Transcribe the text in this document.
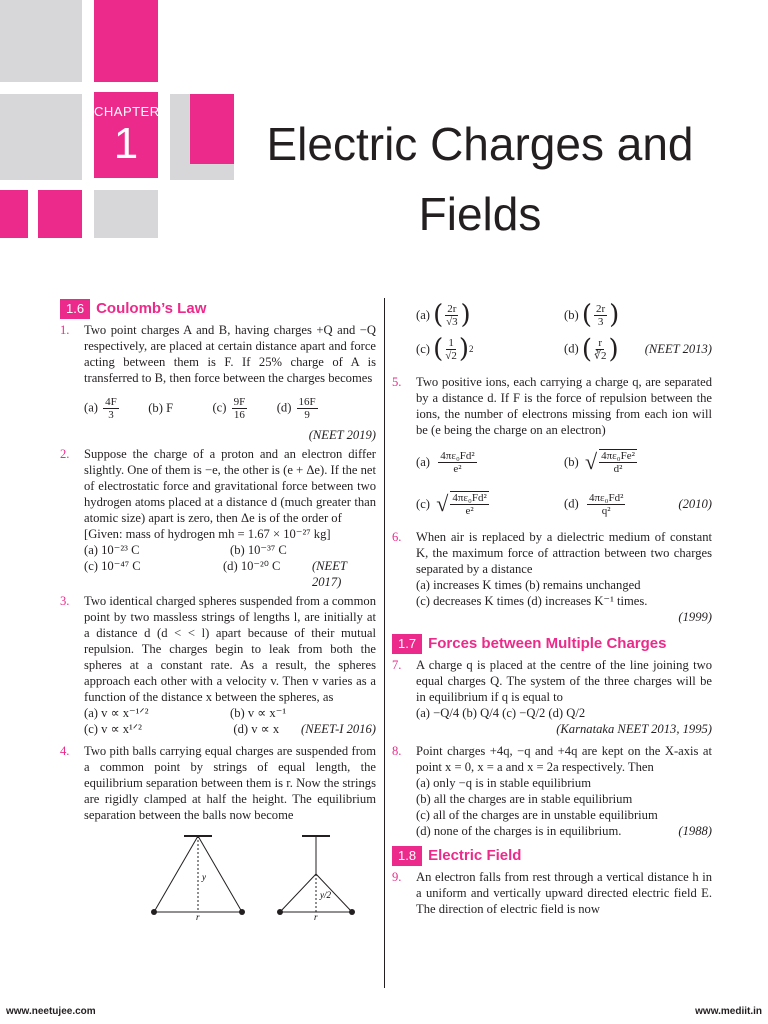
CHAPTER
1	Electric Charges and
Fields
1.6 Coulomb’s Law
1.	Two point charges A and B, having charges +Q and −Q respectively, are placed at certain distance apart and force acting between them is F. If 25% charge of A is transferred to B, then force between the charges becomes
$(a) \frac{4F}{3} (b)$ F	$(c) \frac{9F}{16} (d) \frac{16F}{9}$
(NEET 2019)
2.	Suppose the charge of a proton and an electron differ slightly. One of them is −e, the other is (e + Δe). If the net of electrostatic force and gravitational force between two hydrogen atoms placed at a distance d (much greater than atomic size) apart is zero, then Δe is of the order of
[Given: mass of hydrogen mh = 1.67 × 10⁻²⁷ kg]
(a) 10⁻²³ C	(b) 10⁻³⁷ C
(c) 10⁻⁴⁷ C	(d) 10⁻²⁰ C	(NEET 2017)
3.	Two identical charged spheres suspended from a common point by two massless strings of lengths l, are initially at a distance d (d < < l) apart because of their mutual repulsion. The charges begin to leak from both the spheres at a constant rate. As a result, the spheres approach each other with a velocity v. Then v varies as a function of the distance x between the spheres, as
(a) v ∝ x⁻¹ᐟ²	(b) v ∝ x⁻¹
(c) v ∝ x¹ᐟ²	(d) v ∝ x	(NEET-I 2016)
4.	Two pith balls carrying equal charges are suspended from a common point by strings of equal length, the equilibrium separation between them is r. Now the strings are rigidly clamped at half the height. The equilibrium separation between the balls now become
y
r
y/2
r
(a)
( $\frac{2r}{√3}$ )	(b)
( $\frac{2r}{3}$ )
(c)
( $\frac{1}{√2}$ ) 2	(d) ( $\frac{r}{∛2}$ ) (NEET 2013)
5.	Two positive ions, each carrying a charge q, are separated by a distance d. If F is the force of repulsion between the ions, the number of electrons missing from each ion will be (e being the charge on an electron)
(a)
$\frac{\text{4πε₀Fd²}}{\text{e²}}$	(b)
√ $\frac{\text{4πε₀Fe²}}{\text{d²}}$
(c)
√ $\frac{\text{4πε₀Fd²}}{\text{e²}}$	$(d) \frac{\text{4πε₀Fd²}}{\text{q²}}$	(2010)
6.	When air is replaced by a dielectric medium of constant K, the maximum force of attraction between two charges separated by a distance
(a) increases K times (b) remains unchanged
(c) decreases K times (d) increases K⁻¹ times.
(1999)
1.7 Forces between Multiple Charges
7.	A charge q is placed at the centre of the line joining two equal charges Q. The system of the three charges will be in equilibrium if q is equal to
(a) −Q/4 (b) Q/4 (c) −Q/2 (d) Q/2
(Karnataka NEET 2013, 1995)
8.	Point charges +4q, −q and +4q are kept on the X-axis at point x = 0, x = a and x = 2a respectively. Then
(a) only −q is in stable equilibrium
(b) all the charges are in stable equilibrium
(c) all of the charges are in unstable equilibrium
(d) none of the charges is in equilibrium.	(1988)
1.8 Electric Field
9.	An electron falls from rest through a vertical distance h in a uniform and vertically upward directed electric field E. The direction of electric field is now
www.neetujee.com	www.mediit.in
